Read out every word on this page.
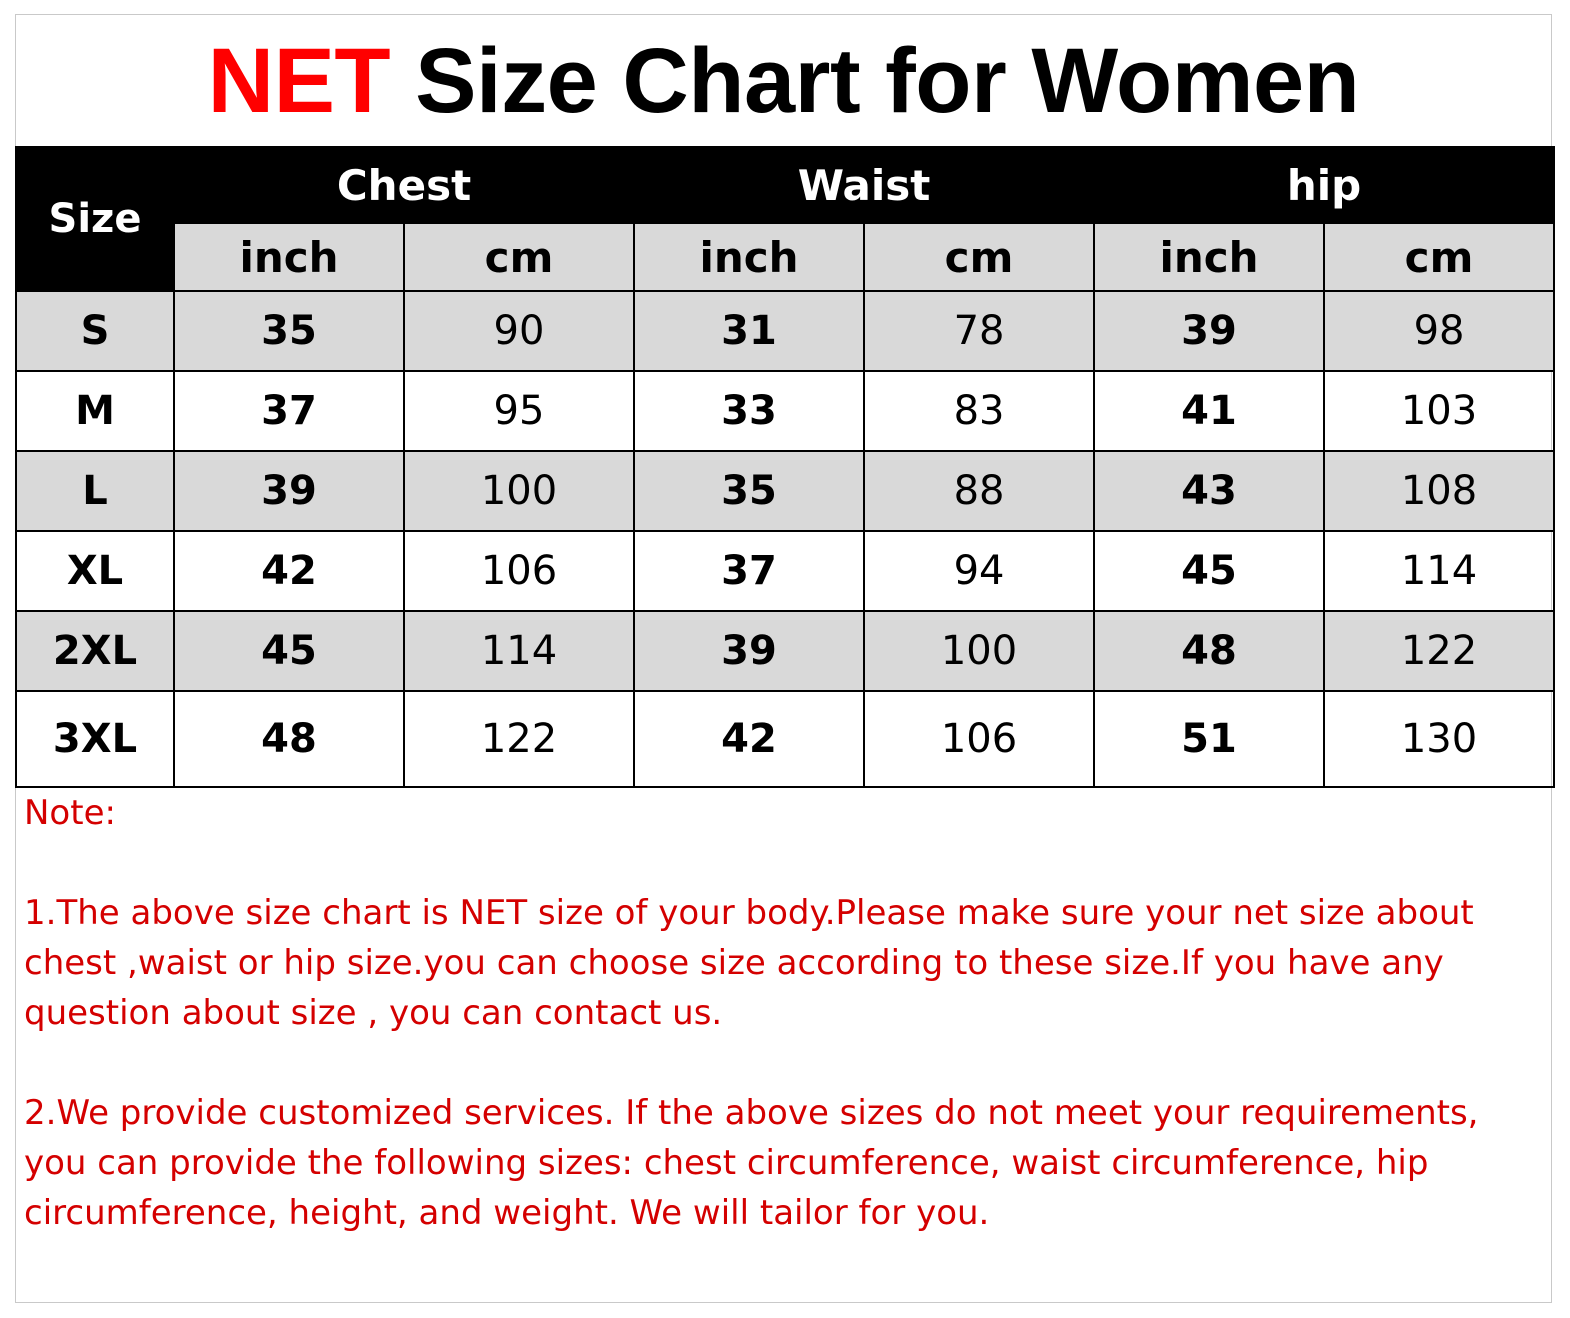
NET Size Chart for Women
Size	Chest		Waist		hip	
	inch	cm	inch	cm	inch	cm
S	35	90	31	78	39	98
M	37	95	33	83	41	103
L	39	100	35	88	43	108
XL	42	106	37	94	45	114
2XL	45	114	39	100	48	122
3XL	48	122	42	106	51	130

Note:

1.The above size chart is NET size of your body.Please make sure your net size about chest ,waist or hip size.you can choose size according to these size.If you have any question about size , you can contact us.

2.We provide customized services. If the above sizes do not meet your requirements, you can provide the following sizes: chest circumference, waist circumference, hip circumference, height, and weight. We will tailor for you.
